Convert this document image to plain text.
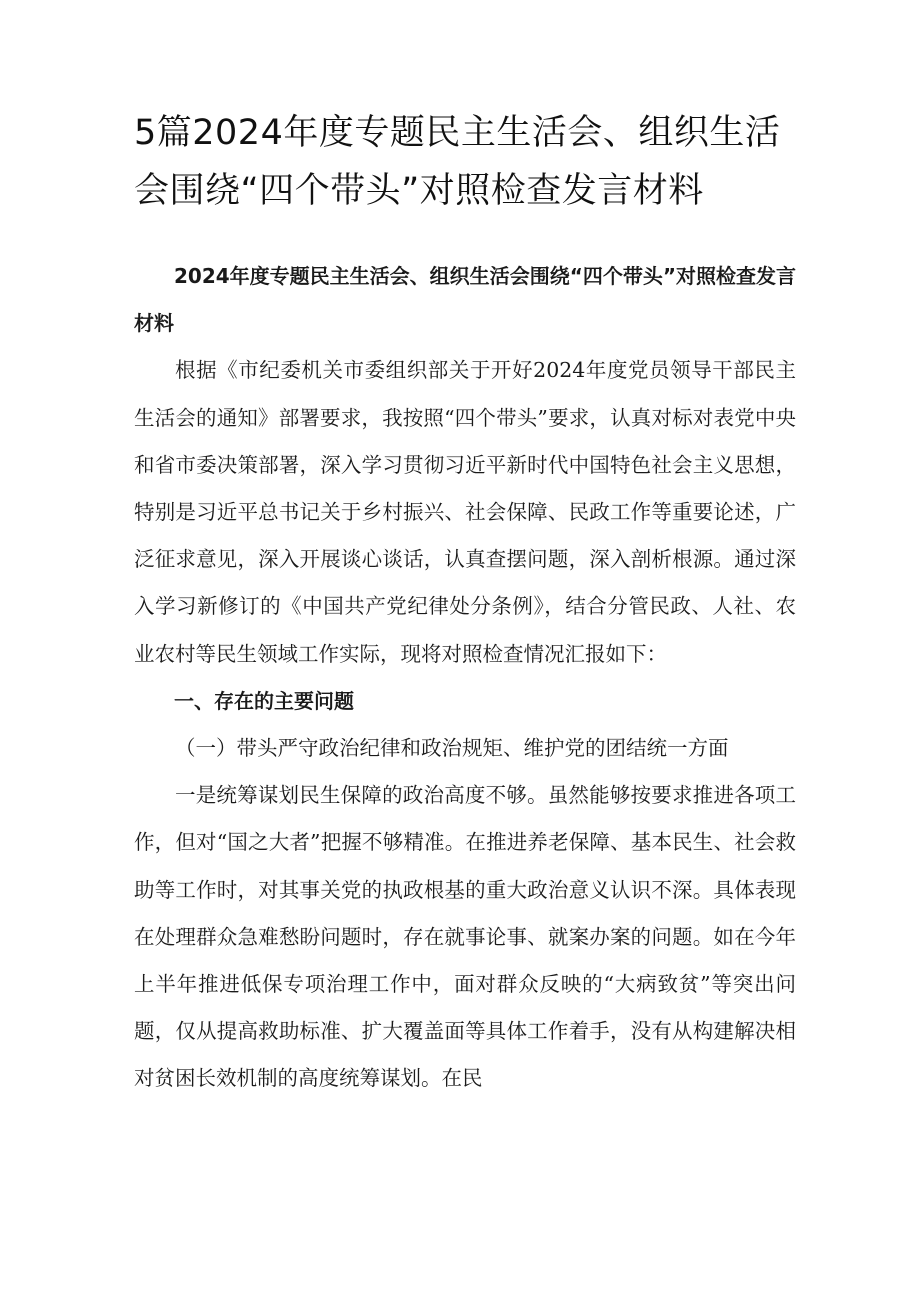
5篇2024年度专题民主生活会、组织生活会围绕“四个带头”对照检查发言材料

2024年度专题民主生活会、组织生活会围绕“四个带头”对照检查发言材料

根据《市纪委机关市委组织部关于开好2024年度党员领导干部民主生活会的通知》部署要求，我按照“四个带头”要求，认真对标对表党中央和省市委决策部署，深入学习贯彻习近平新时代中国特色社会主义思想，特别是习近平总书记关于乡村振兴、社会保障、民政工作等重要论述，广泛征求意见，深入开展谈心谈话，认真查摆问题，深入剖析根源。通过深入学习新修订的《中国共产党纪律处分条例》，结合分管民政、人社、农业农村等民生领域工作实际，现将对照检查情况汇报如下：

一、存在的主要问题

（一）带头严守政治纪律和政治规矩、维护党的团结统一方面

一是统筹谋划民生保障的政治高度不够。虽然能够按要求推进各项工作，但对“国之大者”把握不够精准。在推进养老保障、基本民生、社会救助等工作时，对其事关党的执政根基的重大政治意义认识不深。具体表现在处理群众急难愁盼问题时，存在就事论事、就案办案的问题。如在今年上半年推进低保专项治理工作中，面对群众反映的“大病致贫”等突出问题，仅从提高救助标准、扩大覆盖面等具体工作着手，没有从构建解决相对贫困长效机制的高度统筹谋划。在民
